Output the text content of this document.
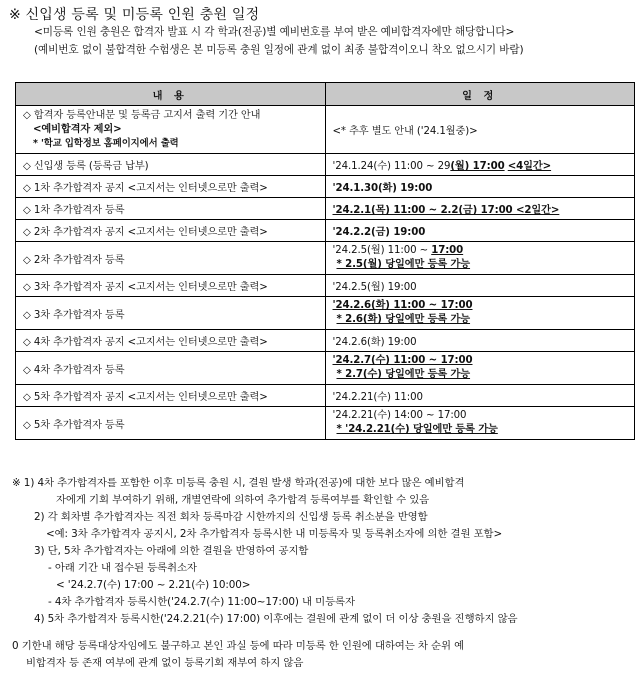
※ 신입생 등록 및 미등록 인원 충원 일정
<미등록 인원 충원은 합격자 발표 시 각 학과(전공)별 예비번호를 부여 받은 예비합격자에만 해당합니다>
(예비번호 없이 불합격한 수험생은 본 미등록 충원 일정에 관계 없이 최종 불합격이오니 착오 없으시기 바람)
내 용	일 정

◇ 합격자 등록안내문 및 등록금 고지서 출력 기간 안내
<예비합격자 제외>
* '학교 입학정보 홈페이지에서 출력	<* 추후 별도 안내 ('24.1월중)>
◇ 신입생 등록 (등록금 납부)	'24.1.24(수) 11:00 ~ 29(월) 17:00 <4일간>
◇ 1차 추가합격자 공지 <고지서는 인터넷으로만 출력>	'24.1.30(화) 19:00
◇ 1차 추가합격자 등록	'24.2.1(목) 11:00 ~ 2.2(금) 17:00 <2일간>
◇ 2차 추가합격자 공지 <고지서는 인터넷으로만 출력>	'24.2.2(금) 19:00
◇ 2차 추가합격자 등록	'24.2.5(월) 11:00 ~ 17:00
* 2.5(월) 당일에만 등록 가능

◇ 3차 추가합격자 공지 <고지서는 인터넷으로만 출력>	'24.2.5(월) 19:00
◇ 3차 추가합격자 등록	'24.2.6(화) 11:00 ~ 17:00
* 2.6(화) 당일에만 등록 가능

◇ 4차 추가합격자 공지 <고지서는 인터넷으로만 출력>	'24.2.6(화) 19:00
◇ 4차 추가합격자 등록	'24.2.7(수) 11:00 ~ 17:00
* 2.7(수) 당일에만 등록 가능

◇ 5차 추가합격자 공지 <고지서는 인터넷으로만 출력>	'24.2.21(수) 11:00
◇ 5차 추가합격자 등록	'24.2.21(수) 14:00 ~ 17:00
* '24.2.21(수) 당일에만 등록 가능
※ 1) 4차 추가합격자를 포함한 이후 미등록 충원 시, 결원 발생 학과(전공)에 대한 보다 많은 예비합격
자에게 기회 부여하기 위해, 개별연락에 의하여 추가합격 등록여부를 확인할 수 있음
2) 각 회차별 추가합격자는 직전 회차 등록마감 시한까지의 신입생 등록 취소분을 반영함
<예: 3차 추가합격자 공지시, 2차 추가합격자 등록시한 내 미등록자 및 등록취소자에 의한 결원 포함>
3) 단, 5차 추가합격자는 아래에 의한 결원을 반영하여 공지함
- 아래 기간 내 접수된 등록취소자
< '24.2.7(수) 17:00 ~ 2.21(수) 10:00>
- 4차 추가합격자 등록시한('24.2.7(수) 11:00~17:00) 내 미등록자
4) 5차 추가합격자 등록시한('24.2.21(수) 17:00) 이후에는 결원에 관계 없이 더 이상 충원을 진행하지 않음
0 기한내 해당 등록대상자임에도 불구하고 본인 과실 등에 따라 미등록 한 인원에 대하여는 차 순위 예
비합격자 등 존재 여부에 관계 없이 등록기회 재부여 하지 않음
